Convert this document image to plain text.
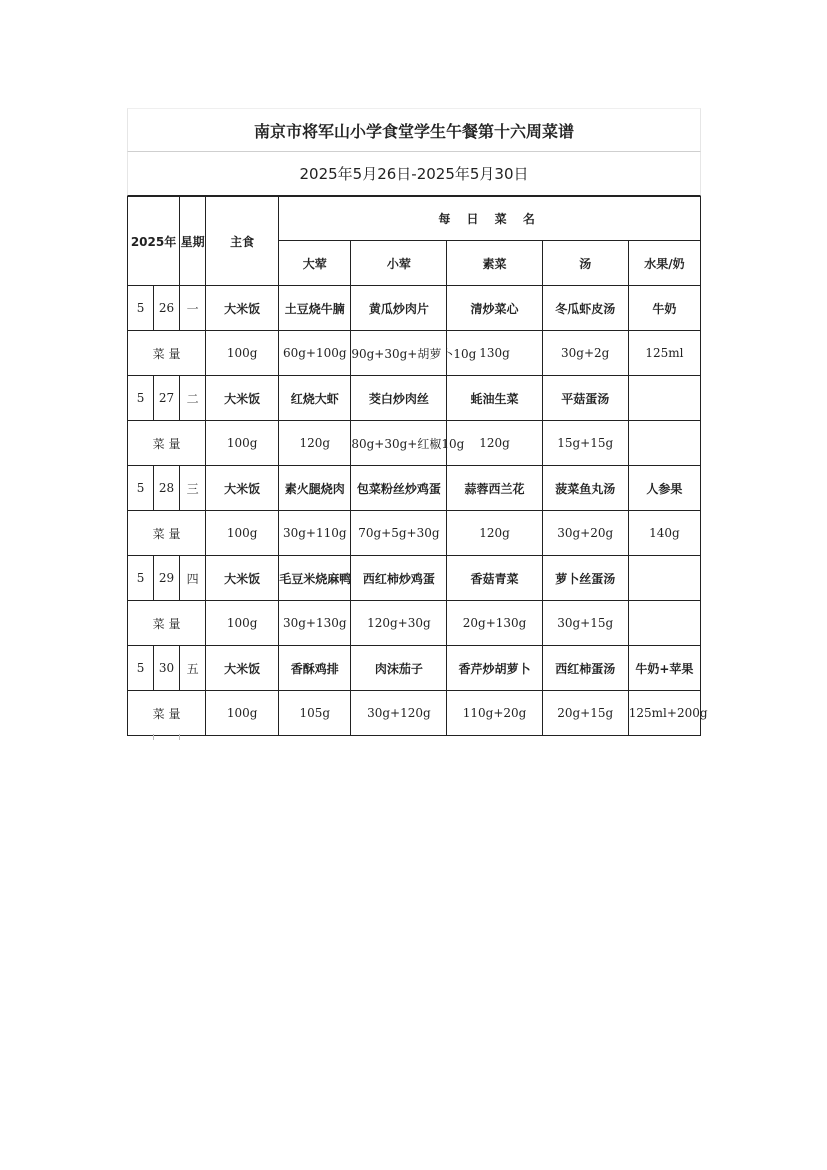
南京市将军山小学食堂学生午餐第十六周菜谱
2025年5月26日-2025年5月30日
2025年		星期	主食	每 日 菜 名				
				大荤	小荤	素菜	汤	水果/奶
5	26	一	大米饭	土豆烧牛腩	黄瓜炒肉片	清炒菜心	冬瓜虾皮汤	牛奶
菜 量			100g	60g+100g	90g+30g+胡萝卜10g	130g	30g+2g	125ml
5	27	二	大米饭	红烧大虾	茭白炒肉丝	蚝油生菜	平菇蛋汤	
菜 量			100g	120g	80g+30g+红椒10g	120g	15g+15g	
5	28	三	大米饭	素火腿烧肉	包菜粉丝炒鸡蛋	蒜蓉西兰花	菠菜鱼丸汤	人参果
菜 量			100g	30g+110g	70g+5g+30g	120g	30g+20g	140g
5	29	四	大米饭	毛豆米烧麻鸭	西红柿炒鸡蛋	香菇青菜	萝卜丝蛋汤	
菜 量			100g	30g+130g	120g+30g	20g+130g	30g+15g	
5	30	五	大米饭	香酥鸡排	肉沫茄子	香芹炒胡萝卜	西红柿蛋汤	牛奶+苹果
菜 量			100g	105g	30g+120g	110g+20g	20g+15g	125ml+200g
